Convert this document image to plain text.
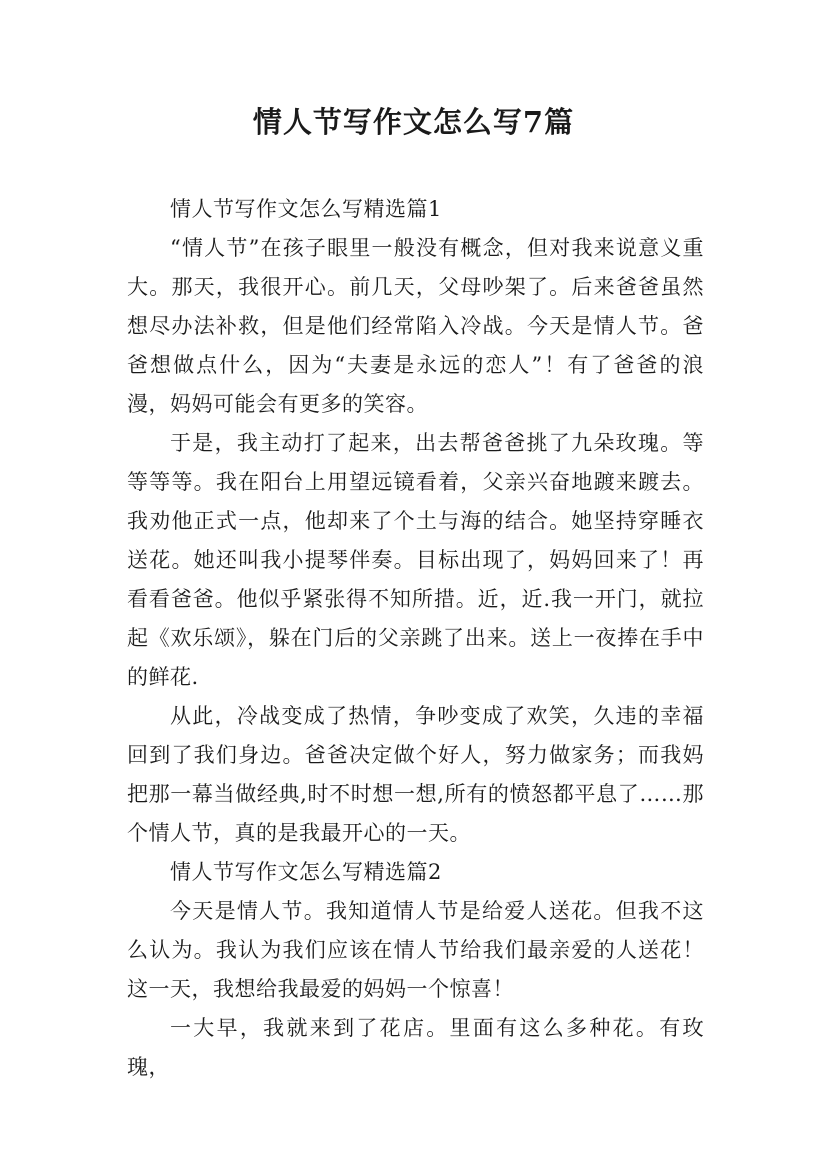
情人节写作文怎么写7篇

情人节写作文怎么写精选篇1

“情人节”在孩子眼里一般没有概念，但对我来说意义重大。那天，我很开心。前几天，父母吵架了。后来爸爸虽然想尽办法补救，但是他们经常陷入冷战。今天是情人节。爸爸想做点什么，因为“夫妻是永远的恋人”！有了爸爸的浪漫，妈妈可能会有更多的笑容。

于是，我主动打了起来，出去帮爸爸挑了九朵玫瑰。等等等等。我在阳台上用望远镜看着，父亲兴奋地踱来踱去。我劝他正式一点，他却来了个土与海的结合。她坚持穿睡衣送花。她还叫我小提琴伴奏。目标出现了，妈妈回来了！再看看爸爸。他似乎紧张得不知所措。近，近.我一开门，就拉起《欢乐颂》，躲在门后的父亲跳了出来。送上一夜捧在手中的鲜花.

从此，冷战变成了热情，争吵变成了欢笑，久违的幸福回到了我们身边。爸爸决定做个好人，努力做家务；而我妈把那一幕当做经典,时不时想一想,所有的愤怒都平息了……那个情人节，真的是我最开心的一天。

情人节写作文怎么写精选篇2

今天是情人节。我知道情人节是给爱人送花。但我不这么认为。我认为我们应该在情人节给我们最亲爱的人送花！这一天，我想给我最爱的妈妈一个惊喜！

一大早，我就来到了花店。里面有这么多种花。有玫瑰，
